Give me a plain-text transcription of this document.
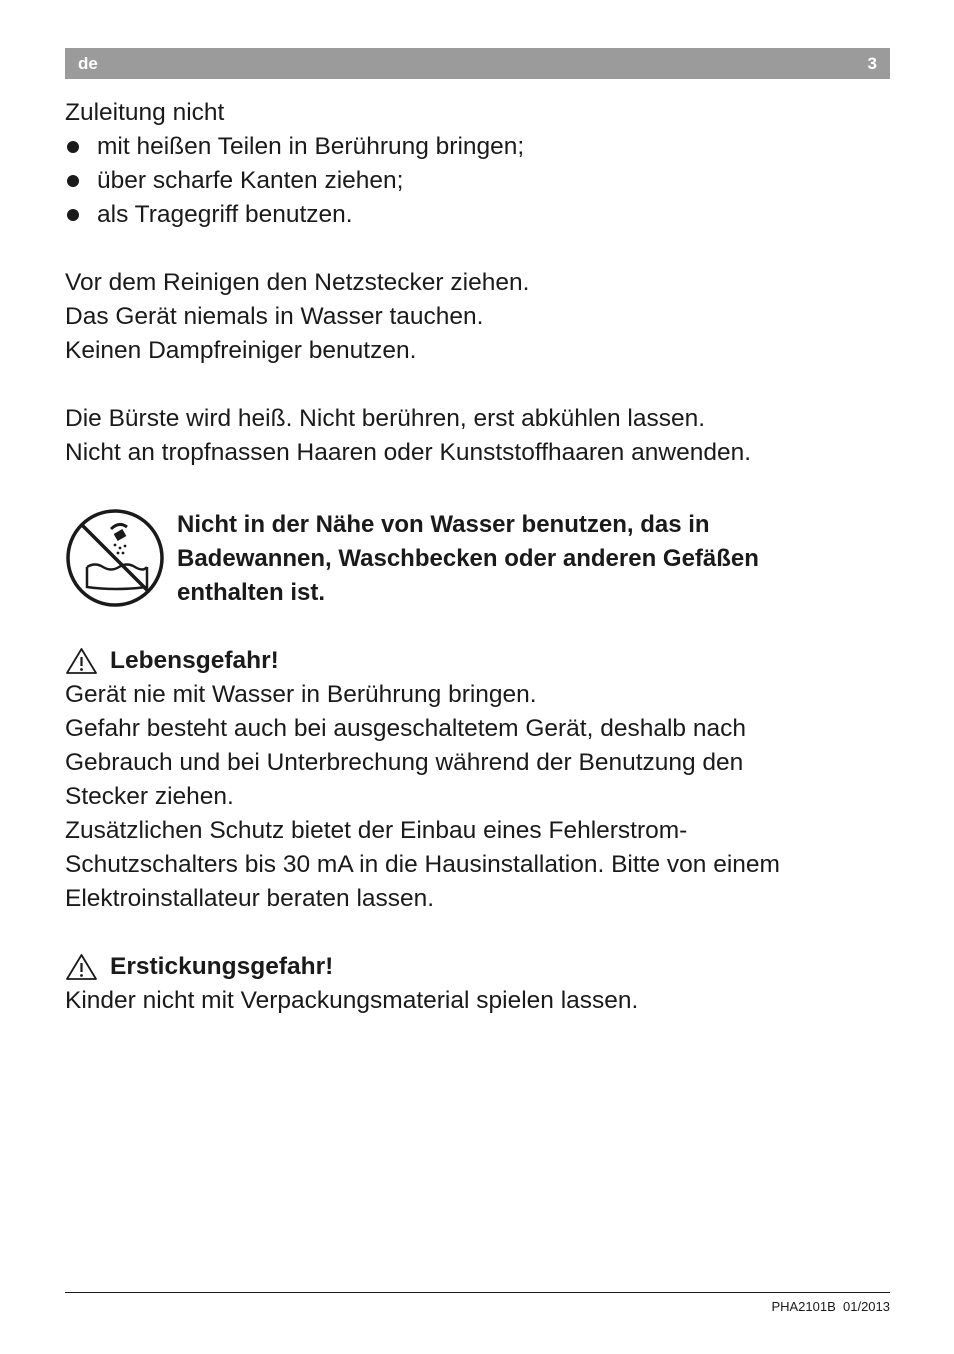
de	3

Zuleitung nicht

mit heißen Teilen in Berührung bringen;
über scharfe Kanten ziehen;
als Tragegriff benutzen.

Vor dem Reinigen den Netzstecker ziehen.

Das Gerät niemals in Wasser tauchen.

Keinen Dampfreiniger benutzen.

Die Bürste wird heiß. Nicht berühren, erst abkühlen lassen.

Nicht an tropfnassen Haaren oder Kunststoffhaaren anwenden.

Nicht in der Nähe von Wasser benutzen, das in

Badewannen, Waschbecken oder anderen Gefäßen

enthalten ist.

Lebensgefahr!

Gerät nie mit Wasser in Berührung bringen.

Gefahr besteht auch bei ausgeschaltetem Gerät, deshalb nach

Gebrauch und bei Unterbrechung während der Benutzung den

Stecker ziehen.

Zusätzlichen Schutz bietet der Einbau eines Fehlerstrom-

Schutzschalters bis 30 mA in die Hausinstallation. Bitte von einem

Elektroinstallateur beraten lassen.

Erstickungsgefahr!

Kinder nicht mit Verpackungsmaterial spielen lassen.

PHA2101B  01/2013
